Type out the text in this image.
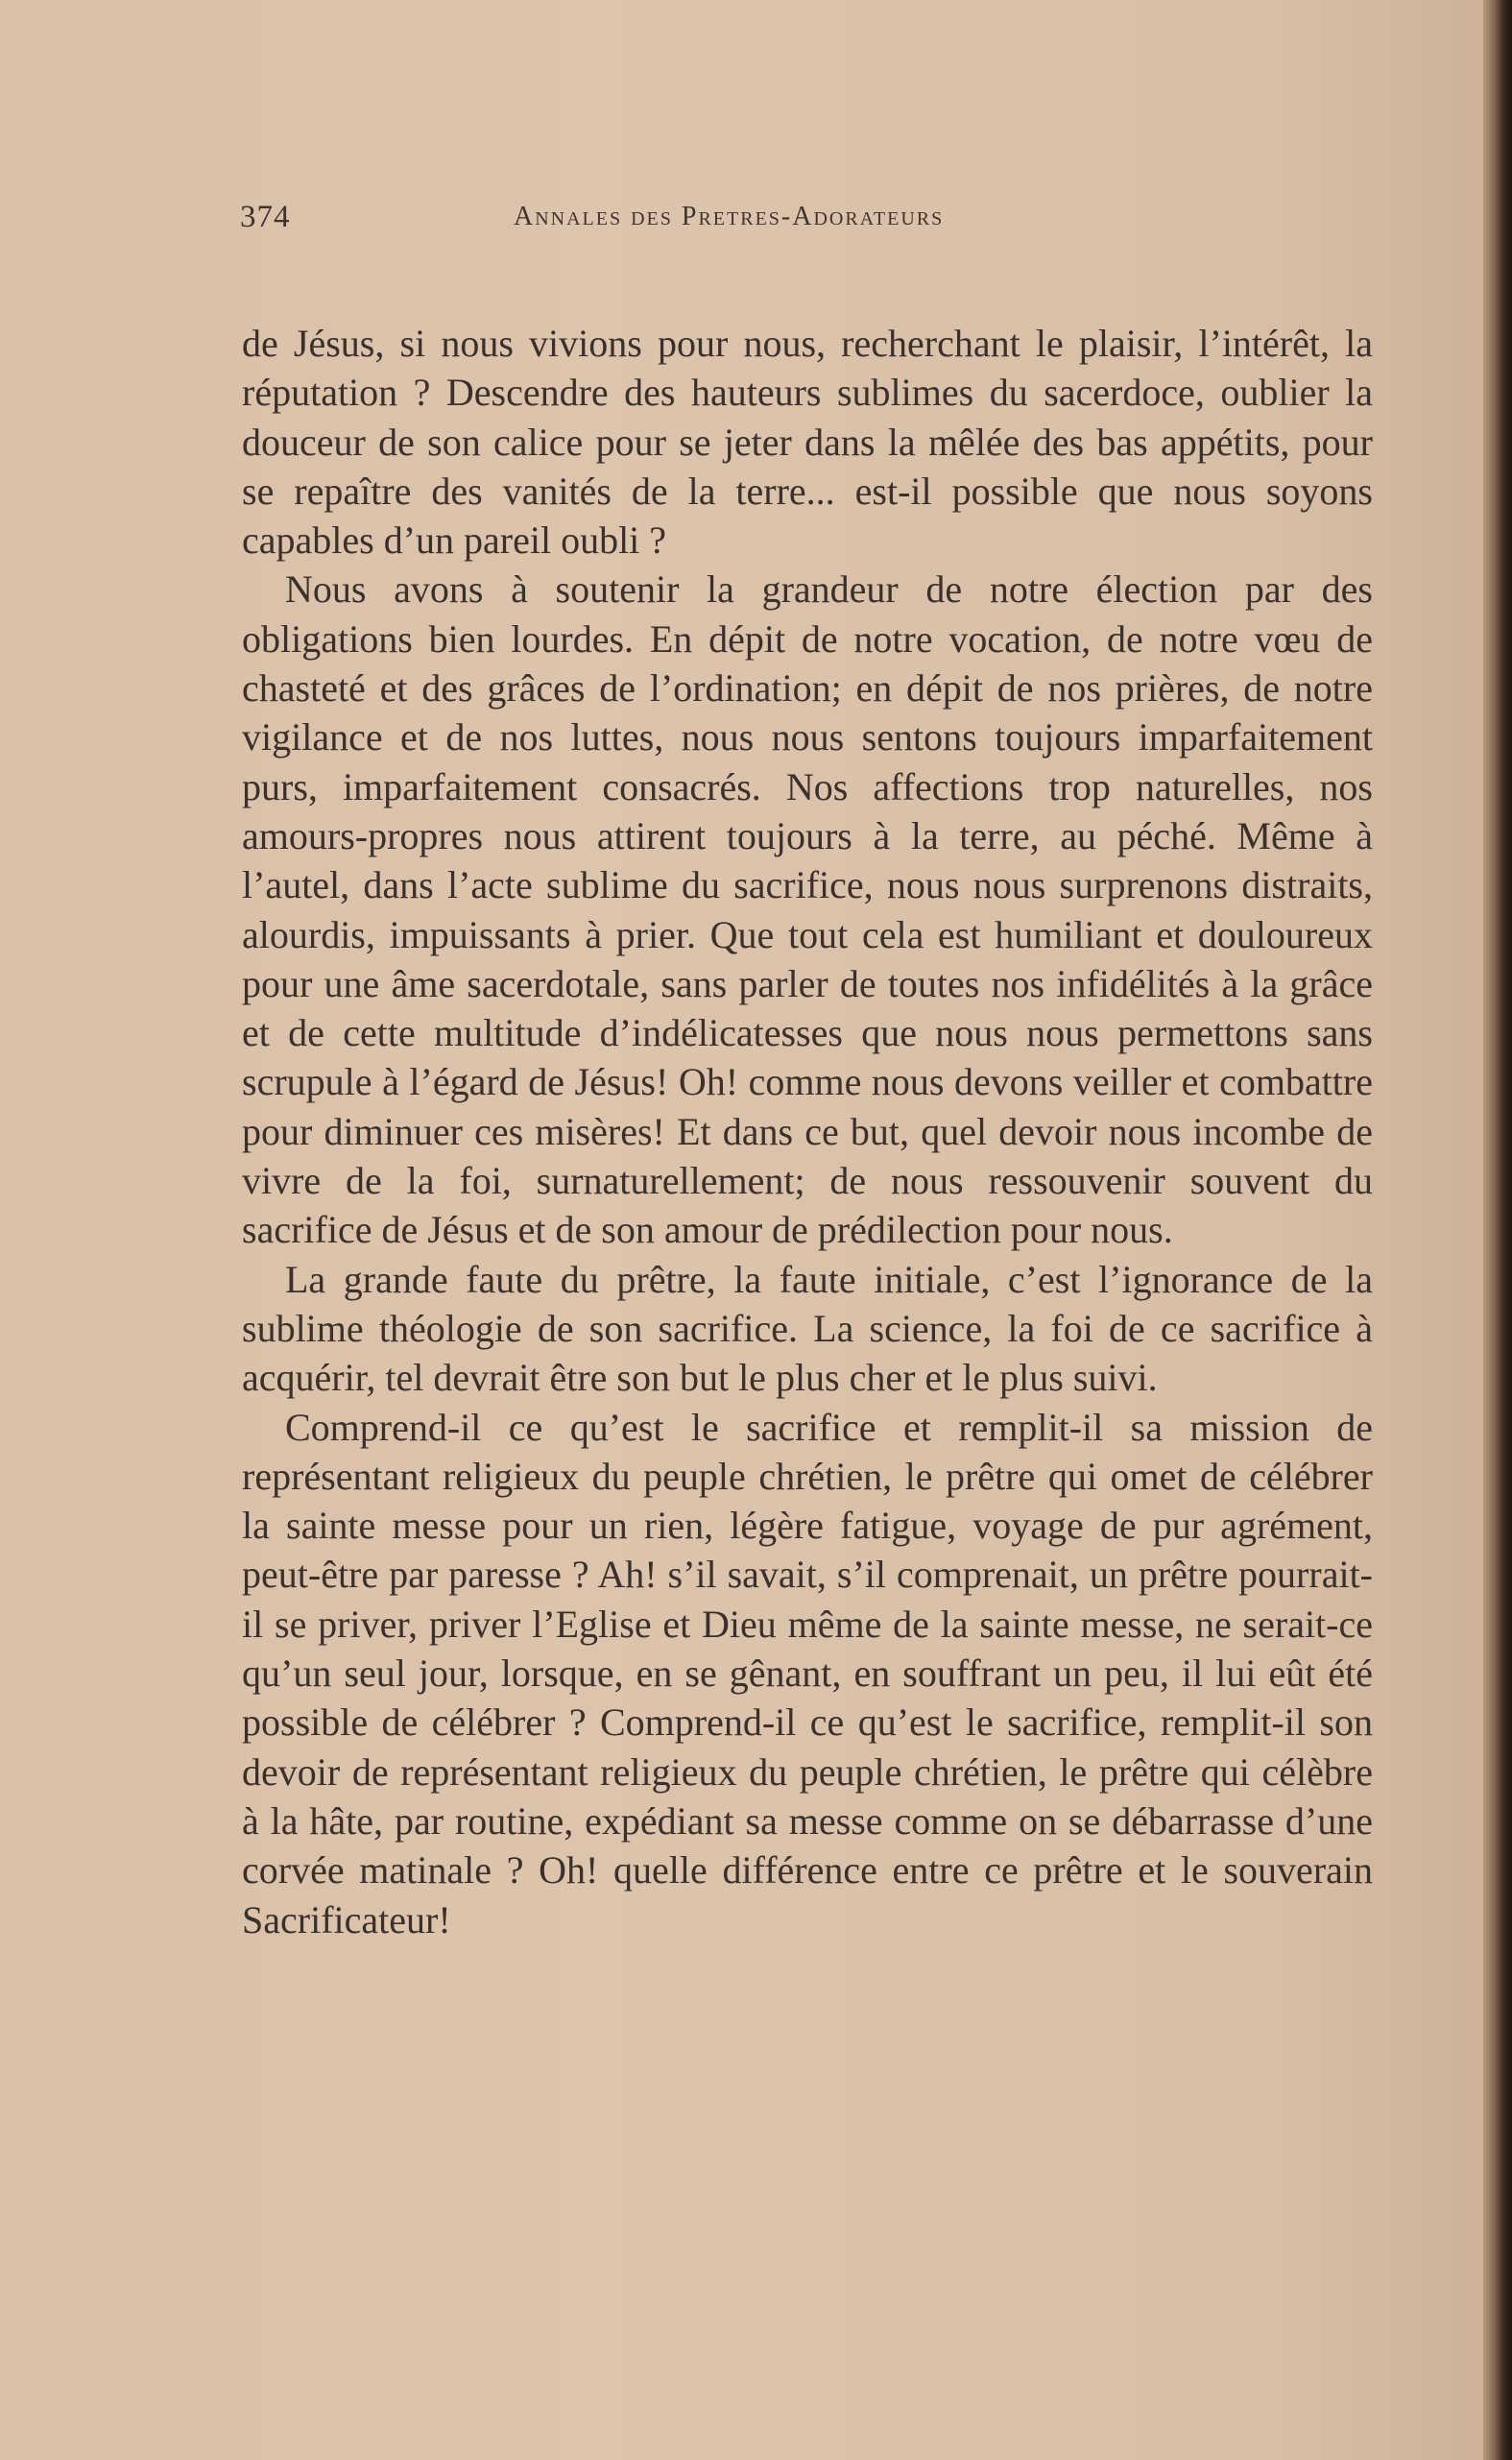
374	Annales des Pretres-Adorateurs

de Jésus, si nous vivions pour nous, recherchant le plaisir, l’intérêt, la réputation ? Descendre des hauteurs sublimes du sacerdoce, oublier la douceur de son calice pour se jeter dans la mêlée des bas appétits, pour se repaître des vanités de la terre... est-il possible que nous soyons capables d’un pareil oubli ?

Nous avons à soutenir la grandeur de notre élection par des obligations bien lourdes. En dépit de notre vocation, de notre vœu de chasteté et des grâces de l’ordination; en dépit de nos prières, de notre vigilance et de nos luttes, nous nous sentons toujours imparfaitement purs, imparfaitement consacrés. Nos affections trop naturelles, nos amours-propres nous attirent toujours à la terre, au péché. Même à l’autel, dans l’acte sublime du sacrifice, nous nous surprenons distraits, alourdis, impuissants à prier. Que tout cela est humiliant et douloureux pour une âme sacerdotale, sans parler de toutes nos infidélités à la grâce et de cette multitude d’indélicatesses que nous nous permettons sans scrupule à l’égard de Jésus! Oh! comme nous devons veiller et combattre pour diminuer ces misères! Et dans ce but, quel devoir nous incombe de vivre de la foi, surnaturellement; de nous ressouvenir souvent du sacrifice de Jésus et de son amour de prédilection pour nous.

La grande faute du prêtre, la faute initiale, c’est l’ignorance de la sublime théologie de son sacrifice. La science, la foi de ce sacrifice à acquérir, tel devrait être son but le plus cher et le plus suivi.

Comprend-il ce qu’est le sacrifice et remplit-il sa mission de représentant religieux du peuple chrétien, le prêtre qui omet de célébrer la sainte messe pour un rien, légère fatigue, voyage de pur agrément, peut-être par paresse ? Ah! s’il savait, s’il comprenait, un prêtre pourrait-il se priver, priver l’Eglise et Dieu même de la sainte messe, ne serait-ce qu’un seul jour, lorsque, en se gênant, en souffrant un peu, il lui eût été possible de célébrer ? Comprend-il ce qu’est le sacrifice, remplit-il son devoir de représentant religieux du peuple chrétien, le prêtre qui célèbre à la hâte, par routine, expédiant sa messe comme on se débarrasse d’une corvée matinale ? Oh! quelle différence entre ce prêtre et le souverain Sacrificateur!
